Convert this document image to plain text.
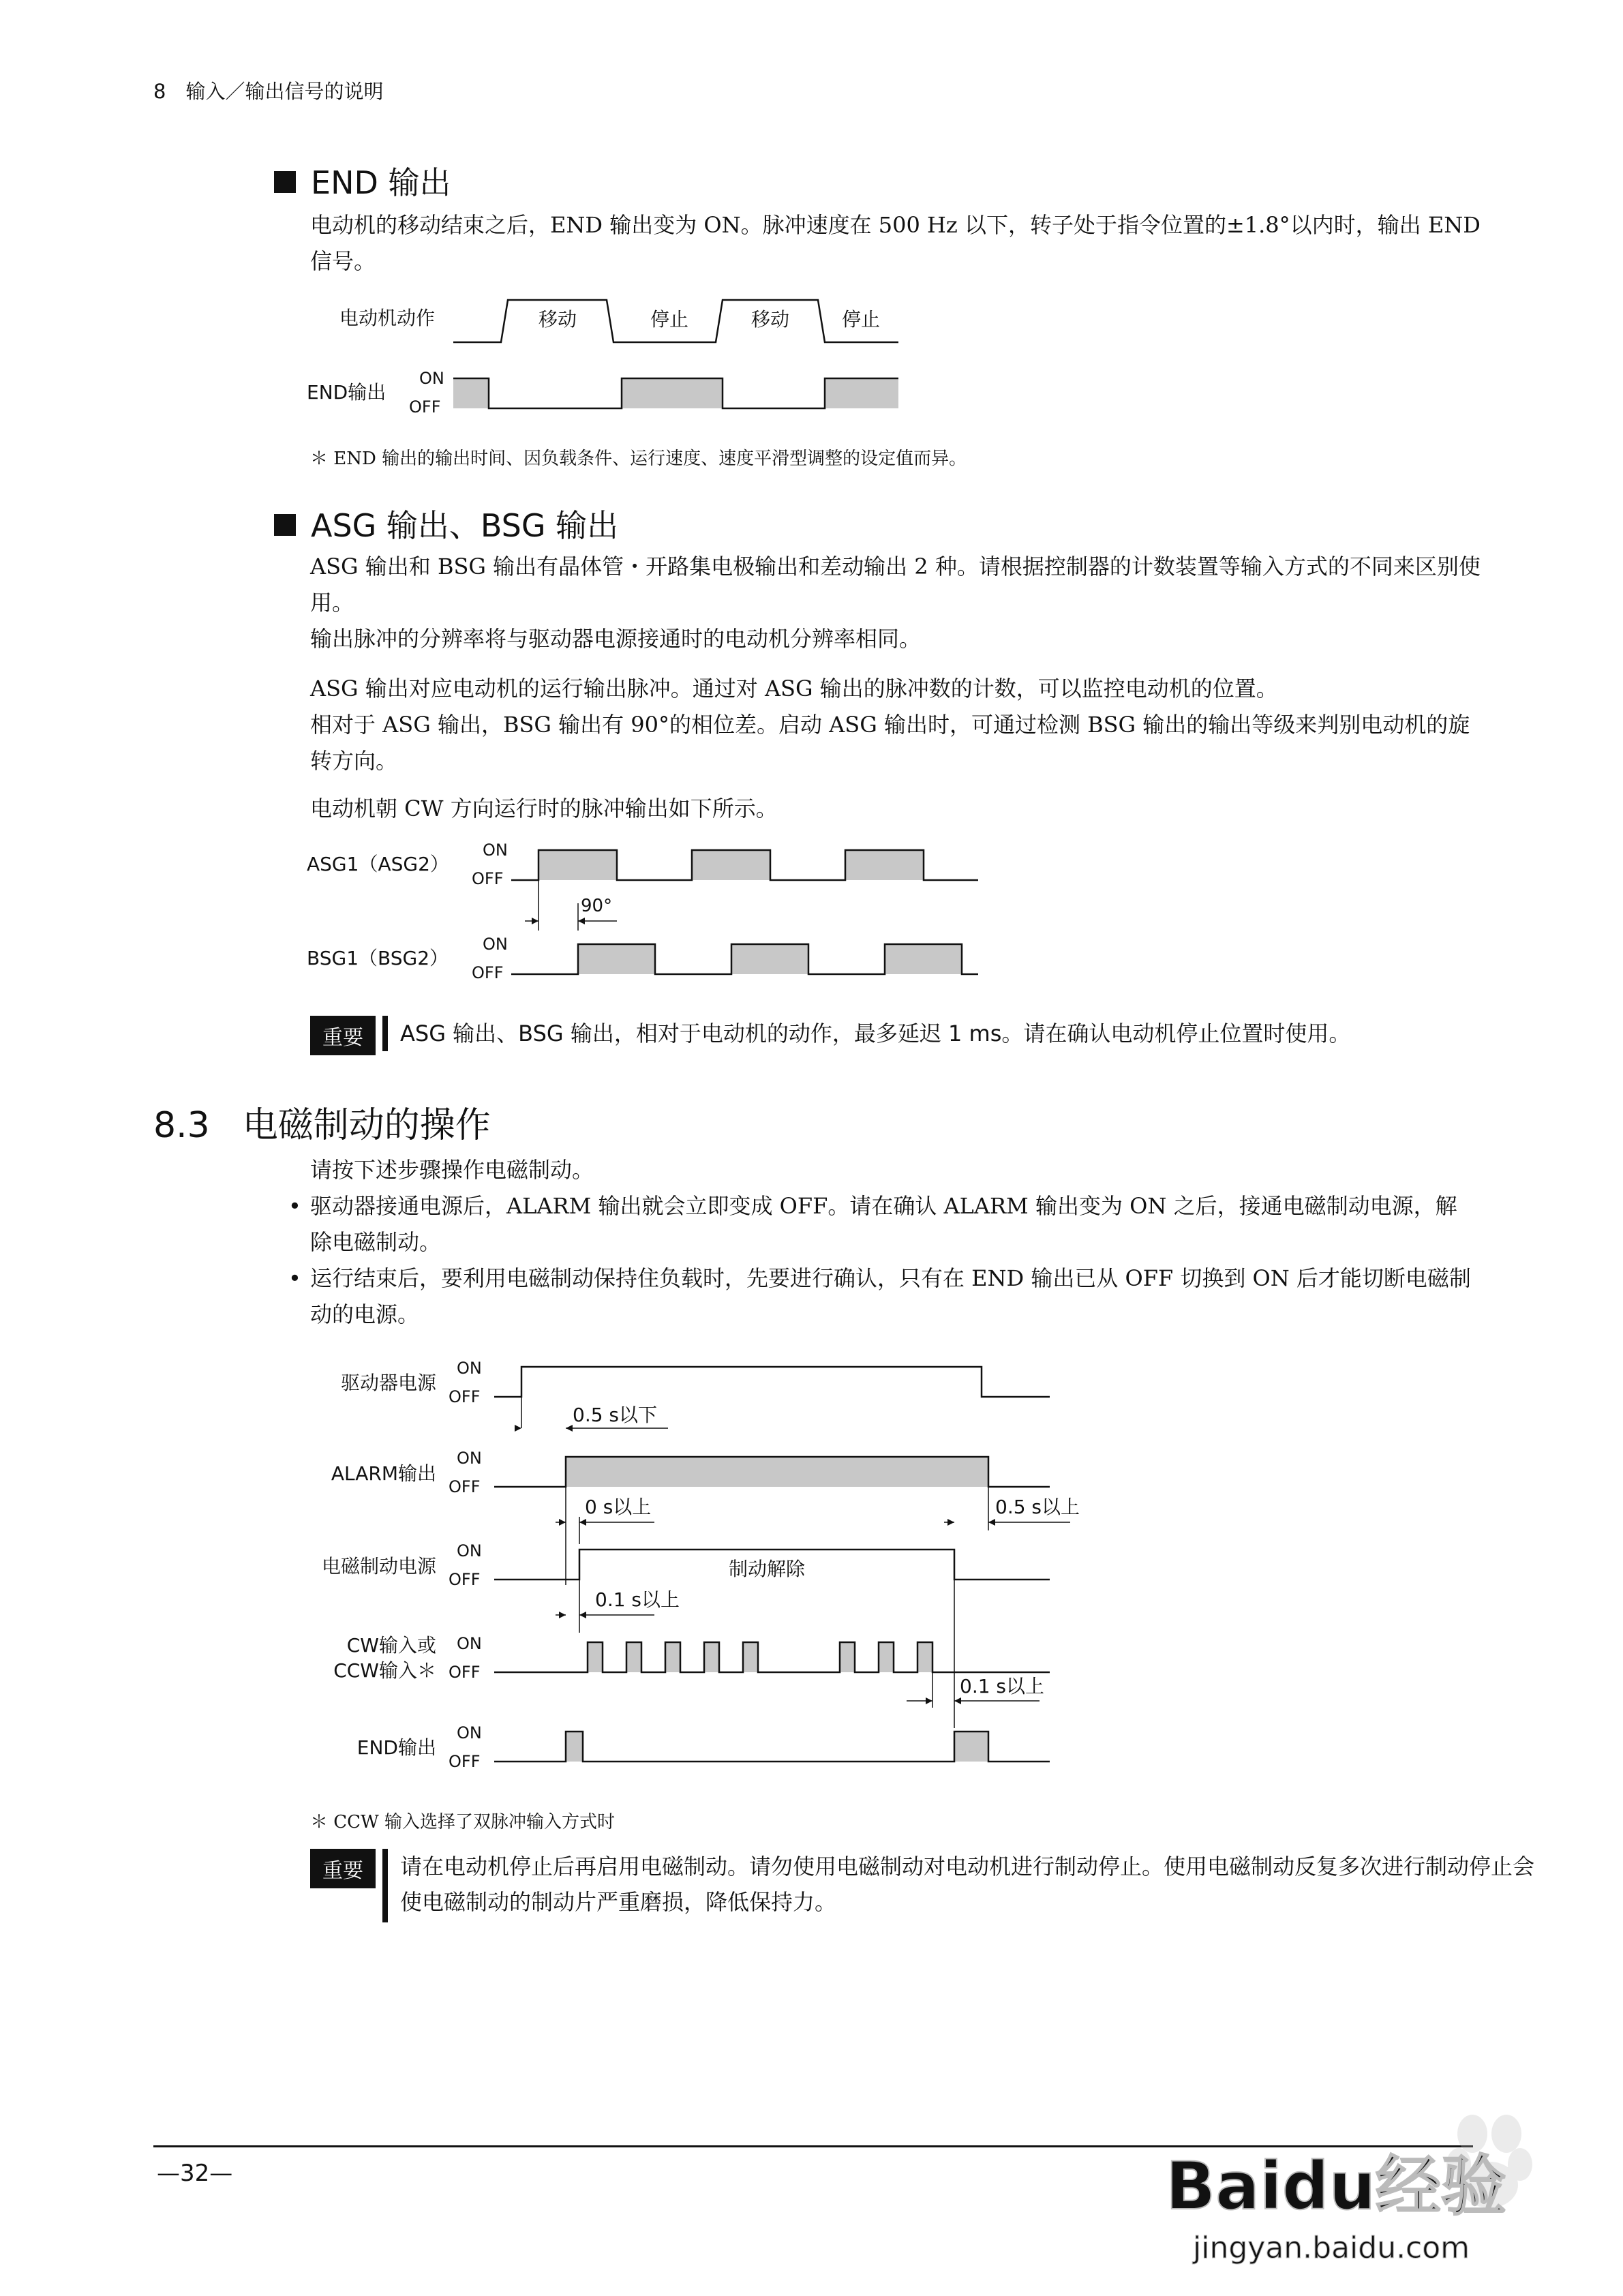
8　输入／输出信号的说明
END 输出
电动机的移动结束之后，END 输出变为 ON。脉冲速度在 500 Hz 以下，转子处于指令位置的±1.8°以内时，输出 END 信号。
电动机动作	移动	停止	移动	停止
END输出
ON
OFF
＊ END 输出的输出时间、因负载条件、运行速度、速度平滑型调整的设定值而异。
ASG 输出、BSG 输出
ASG 输出和 BSG 输出有晶体管・开路集电极输出和差动输出 2 种。请根据控制器的计数装置等输入方式的不同来区别使用。
输出脉冲的分辨率将与驱动器电源接通时的电动机分辨率相同。
ASG 输出对应电动机的运行输出脉冲。通过对 ASG 输出的脉冲数的计数，可以监控电动机的位置。
相对于 ASG 输出，BSG 输出有 90°的相位差。启动 ASG 输出时，可通过检测 BSG 输出的输出等级来判别电动机的旋转方向。
电动机朝 CW 方向运行时的脉冲输出如下所示。
ASG1（ASG2）
ON
OFF
90°
BSG1（BSG2）
ON
OFF
重要	ASG 输出、BSG 输出，相对于电动机的动作，最多延迟 1 ms。请在确认电动机停止位置时使用。
8.3 电磁制动的操作
请按下述步骤操作电磁制动。
• 驱动器接通电源后，ALARM 输出就会立即变成 OFF。请在确认 ALARM 输出变为 ON 之后，接通电磁制动电源，解除电磁制动。
• 运行结束后，要利用电磁制动保持住负载时，先要进行确认，只有在 END 输出已从 OFF 切换到 ON 后才能切断电磁制动的电源。
驱动器电源
ON
OFF
0.5 s以下
ALARM输出
ON
OFF
0 s以上	0.5 s以上
电磁制动电源
ON
OFF	制动解除
0.1 s以上
CW输入或
CCW输入＊
ON
OFF
0.1 s以上
END输出
ON
OFF
＊ CCW 输入选择了双脉冲输入方式时
重要	请在电动机停止后再启用电磁制动。请勿使用电磁制动对电动机进行制动停止。使用电磁制动反复多次进行制动停止会使电磁制动的制动片严重磨损，降低保持力。
—32—	Baidu经验
jingyan.baidu.com
